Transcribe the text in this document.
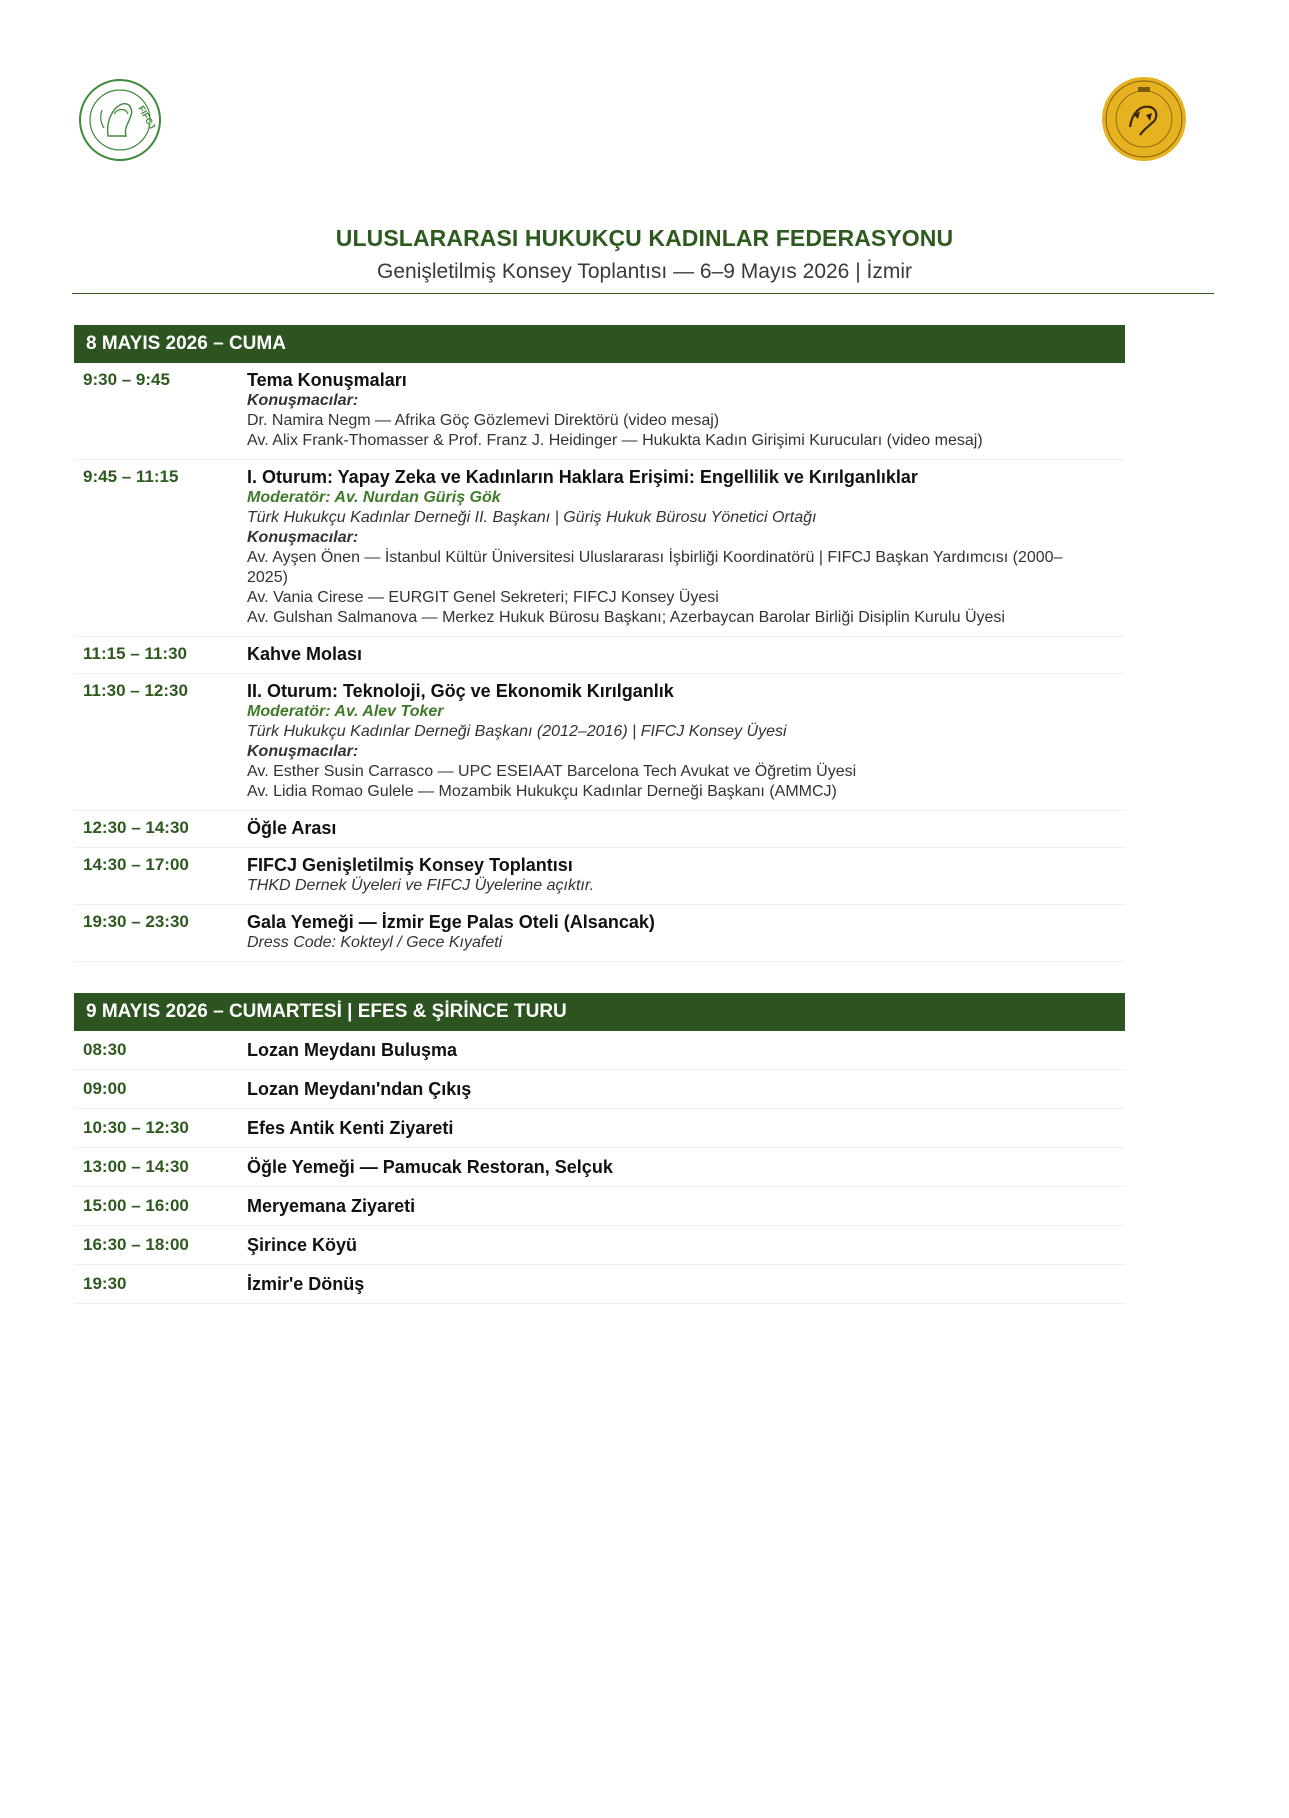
FIFCJ
ULUSLARARASI HUKUKÇU KADINLAR FEDERASYONU
Genişletilmiş Konsey Toplantısı — 6–9 Mayıs 2026 | İzmir
8 MAYIS 2026 – CUMA
9:30 – 9:45	Tema Konuşmaları
Konuşmacılar:
Dr. Namira Negm — Afrika Göç Gözlemevi Direktörü (video mesaj)
Av. Alix Frank-Thomasser & Prof. Franz J. Heidinger — Hukukta Kadın Girişimi Kurucuları (video mesaj)
9:45 – 11:15	I. Oturum: Yapay Zeka ve Kadınların Haklara Erişimi: Engellilik ve Kırılganlıklar
Moderatör: Av. Nurdan Güriş Gök
Türk Hukukçu Kadınlar Derneği II. Başkanı | Güriş Hukuk Bürosu Yönetici Ortağı
Konuşmacılar:
Av. Ayşen Önen — İstanbul Kültür Üniversitesi Uluslararası İşbirliği Koordinatörü | FIFCJ Başkan Yardımcısı (2000–2025)
Av. Vania Cirese — EURGIT Genel Sekreteri; FIFCJ Konsey Üyesi
Av. Gulshan Salmanova — Merkez Hukuk Bürosu Başkanı; Azerbaycan Barolar Birliği Disiplin Kurulu Üyesi
11:15 – 11:30	Kahve Molası
11:30 – 12:30	II. Oturum: Teknoloji, Göç ve Ekonomik Kırılganlık
Moderatör: Av. Alev Toker
Türk Hukukçu Kadınlar Derneği Başkanı (2012–2016) | FIFCJ Konsey Üyesi
Konuşmacılar:
Av. Esther Susin Carrasco — UPC ESEIAAT Barcelona Tech Avukat ve Öğretim Üyesi
Av. Lidia Romao Gulele — Mozambik Hukukçu Kadınlar Derneği Başkanı (AMMCJ)
12:30 – 14:30	Öğle Arası
14:30 – 17:00	FIFCJ Genişletilmiş Konsey Toplantısı
THKD Dernek Üyeleri ve FIFCJ Üyelerine açıktır.
19:30 – 23:30	Gala Yemeği — İzmir Ege Palas Oteli (Alsancak)
Dress Code: Kokteyl / Gece Kıyafeti
9 MAYIS 2026 – CUMARTESİ | EFES & ŞİRİNCE TURU
08:30	Lozan Meydanı Buluşma
09:00	Lozan Meydanı'ndan Çıkış
10:30 – 12:30	Efes Antik Kenti Ziyareti
13:00 – 14:30	Öğle Yemeği — Pamucak Restoran, Selçuk
15:00 – 16:00	Meryemana Ziyareti
16:30 – 18:00	Şirince Köyü
19:30	İzmir'e Dönüş
